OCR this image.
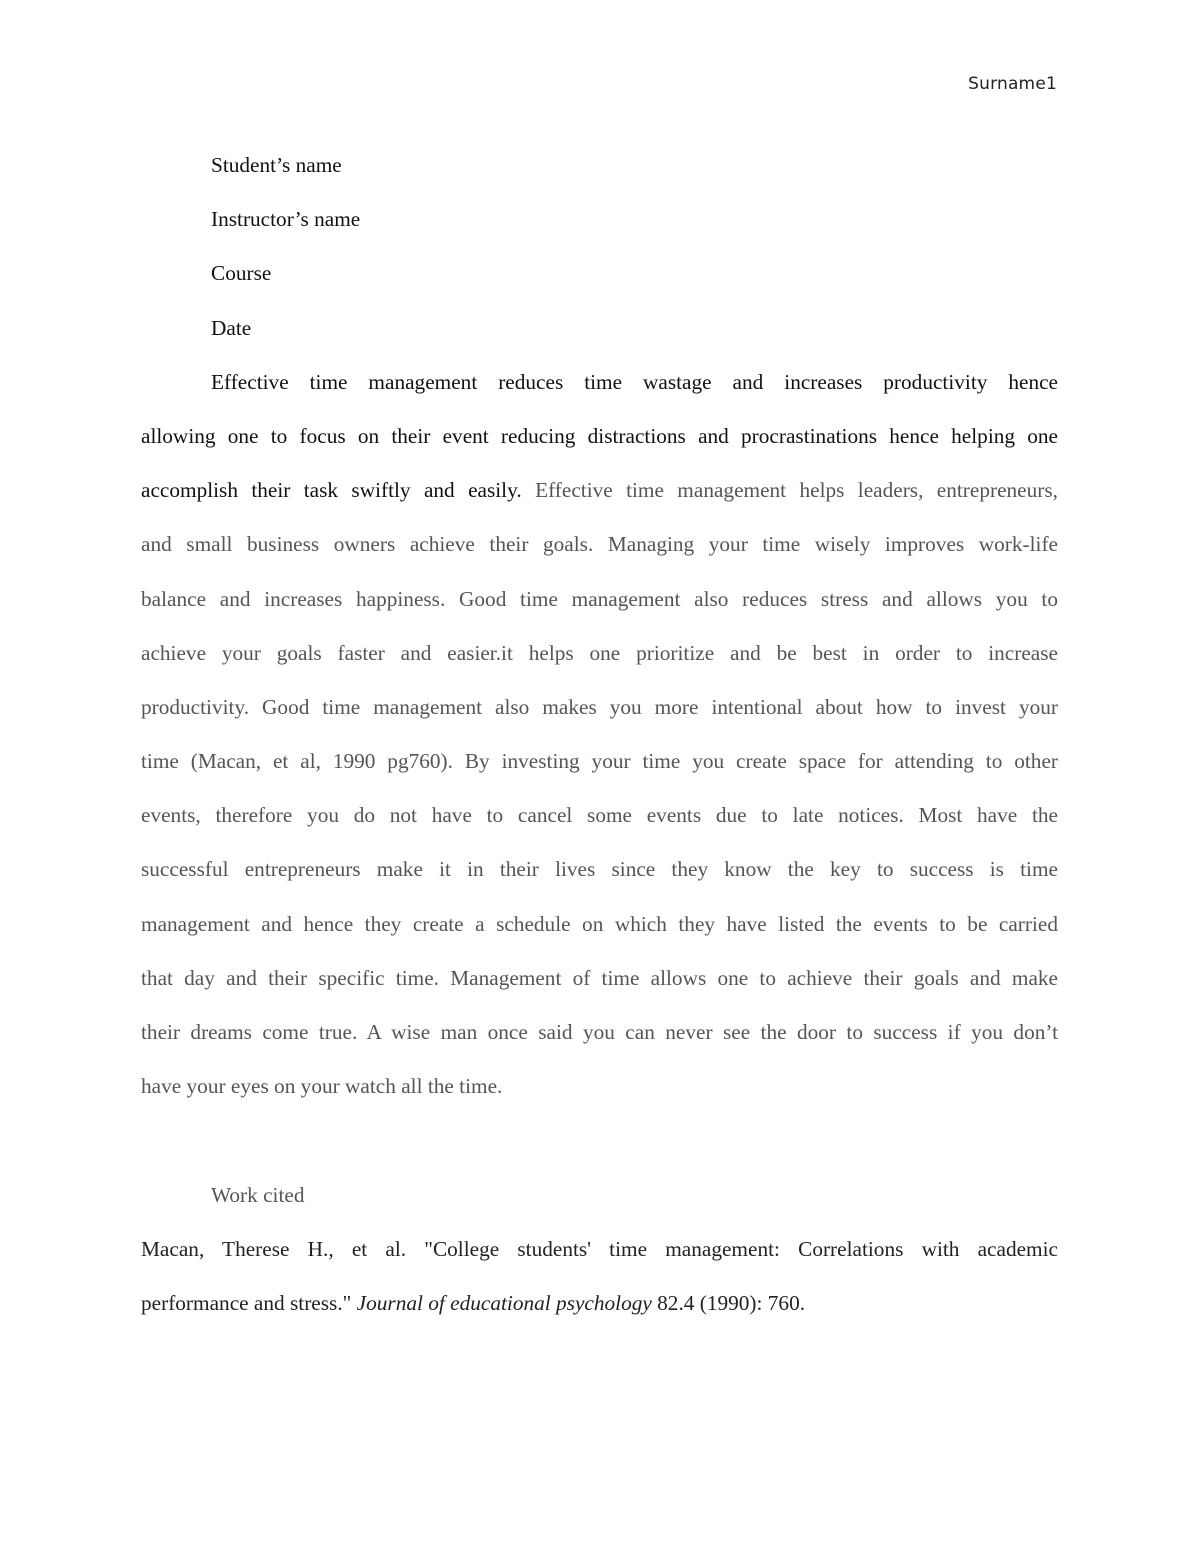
Surname1
Student’s name
Instructor’s name
Course
Date
Effective time management reduces time wastage and increases productivity hence
allowing one to focus on their event reducing distractions and procrastinations hence helping one
accomplish their task swiftly and easily. Effective time management helps leaders, entrepreneurs,
and small business owners achieve their goals. Managing your time wisely improves work-life
balance and increases happiness. Good time management also reduces stress and allows you to
achieve your goals faster and easier.it helps one prioritize and be best in order to increase
productivity. Good time management also makes you more intentional about how to invest your
time (Macan, et al, 1990 pg760). By investing your time you create space for attending to other
events, therefore you do not have to cancel some events due to late notices. Most have the
successful entrepreneurs make it in their lives since they know the key to success is time
management and hence they create a schedule on which they have listed the events to be carried
that day and their specific time. Management of time allows one to achieve their goals and make
their dreams come true. A wise man once said you can never see the door to success if you don’t
have your eyes on your watch all the time.
Work cited
Macan, Therese H., et al. "College students' time management: Correlations with academic
performance and stress." Journal of educational psychology 82.4 (1990): 760.
